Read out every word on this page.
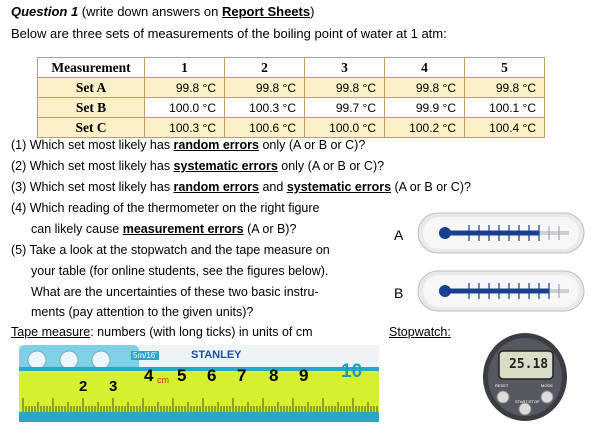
Question 1 (write down answers on Report Sheets)
Below are three sets of measurements of the boiling point of water at 1 atm:
Measurement	1	2	3	4	5
Set A	99.8 °C	99.8 °C	99.8 °C	99.8 °C	99.8 °C
Set B	100.0 °C	100.3 °C	99.7 °C	99.9 °C	100.1 °C
Set C	100.3 °C	100.6 °C	100.0 °C	100.2 °C	100.4 °C
(1) Which set most likely has random errors only (A or B or C)?
(2) Which set most likely has systematic errors only (A or B or C)?
(3) Which set most likely has random errors and systematic errors (A or B or C)?
(4) Which reading of the thermometer on the right figure
can likely cause measurement errors (A or B)?
(5) Take a look at the stopwatch and the tape measure on
your table (for online students, see the figures below).
What are the uncertainties of these two basic instru-
ments (pay attention to the given units)?
A
B
Tape measure: numbers (with long ticks) in units of cm	Stopwatch:
5m/16'	STANLEY
cm
2 3
4 5 6 7 8 9 10	25.18
RESET	MODE
START/STOP
